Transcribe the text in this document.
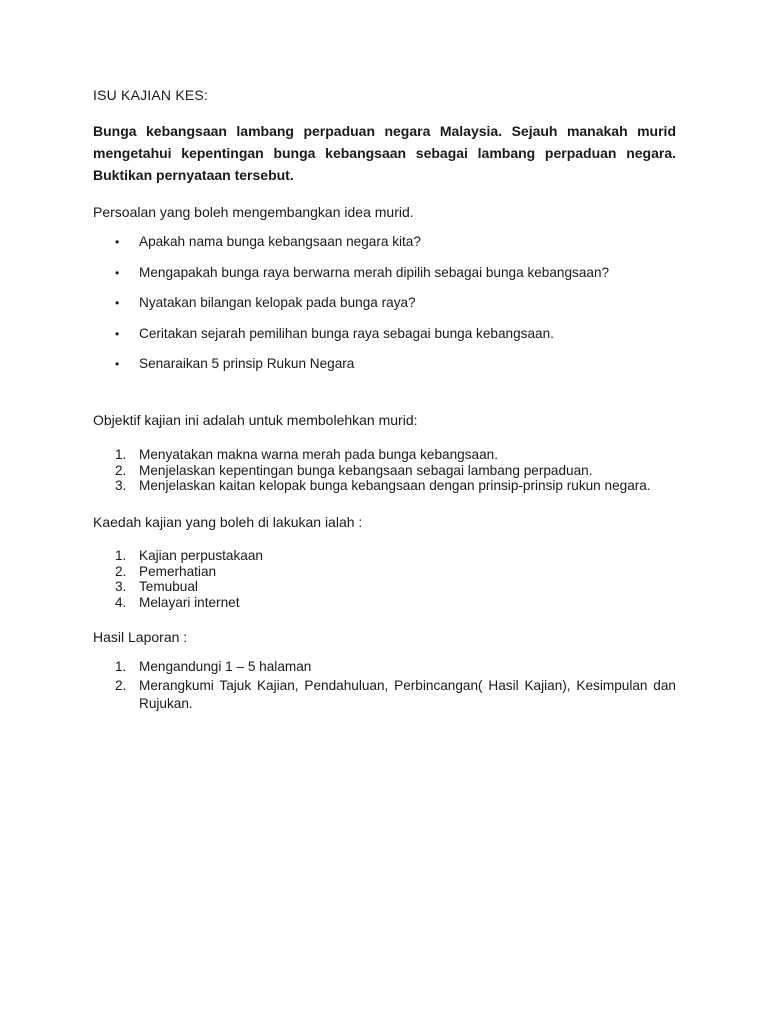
ISU KAJIAN KES:
Bunga kebangsaan lambang perpaduan negara Malaysia. Sejauh manakah murid
mengetahui kepentingan bunga kebangsaan sebagai lambang perpaduan negara.
Buktikan pernyataan tersebut.
Persoalan yang boleh mengembangkan idea murid.
• Apakah nama bunga kebangsaan negara kita?
• Mengapakah bunga raya berwarna merah dipilih sebagai bunga kebangsaan?
• Nyatakan bilangan kelopak pada bunga raya?
• Ceritakan sejarah pemilihan bunga raya sebagai bunga kebangsaan.
• Senaraikan 5 prinsip Rukun Negara
Objektif kajian ini adalah untuk membolehkan murid:
1. Menyatakan makna warna merah pada bunga kebangsaan.
2. Menjelaskan kepentingan bunga kebangsaan sebagai lambang perpaduan.
3. Menjelaskan kaitan kelopak bunga kebangsaan dengan prinsip-prinsip rukun negara.
Kaedah kajian yang boleh di lakukan ialah :
1. Kajian perpustakaan
2. Pemerhatian
3. Temubual
4. Melayari internet
Hasil Laporan :
1. Mengandungi 1 – 5 halaman
2. Merangkumi Tajuk Kajian, Pendahuluan, Perbincangan( Hasil Kajian), Kesimpulan dan Rujukan.
